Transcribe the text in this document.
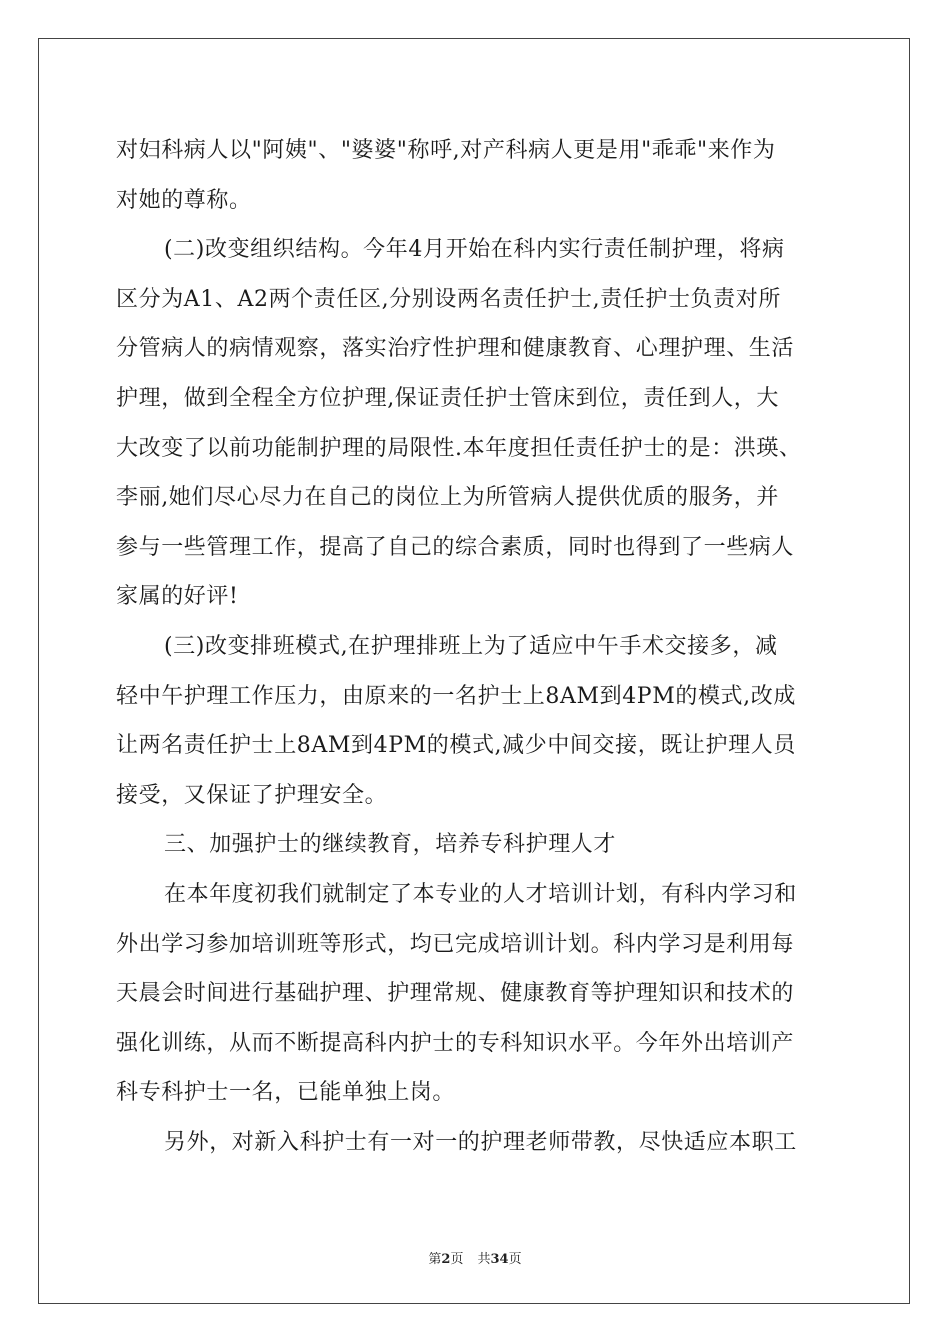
对妇科病人以"阿姨"、"婆婆"称呼,对产科病人更是用"乖乖"来作为
对她的尊称。
(二)改变组织结构。今年4月开始在科内实行责任制护理，将病
区分为A1、A2两个责任区,分别设两名责任护士,责任护士负责对所
分管病人的病情观察，落实治疗性护理和健康教育、心理护理、生活
护理，做到全程全方位护理,保证责任护士管床到位，责任到人，大
大改变了以前功能制护理的局限性.本年度担任责任护士的是：洪瑛、
李丽,她们尽心尽力在自己的岗位上为所管病人提供优质的服务，并
参与一些管理工作，提高了自己的综合素质，同时也得到了一些病人
家属的好评!
(三)改变排班模式,在护理排班上为了适应中午手术交接多，减
轻中午护理工作压力，由原来的一名护士上8AM到4PM的模式,改成
让两名责任护士上8AM到4PM的模式,减少中间交接，既让护理人员
接受，又保证了护理安全。
三、加强护士的继续教育，培养专科护理人才
在本年度初我们就制定了本专业的人才培训计划，有科内学习和
外出学习参加培训班等形式，均已完成培训计划。科内学习是利用每
天晨会时间进行基础护理、护理常规、健康教育等护理知识和技术的
强化训练，从而不断提高科内护士的专科知识水平。今年外出培训产
科专科护士一名，已能单独上岗。
另外，对新入科护士有一对一的护理老师带教，尽快适应本职工
第2页 共34页
